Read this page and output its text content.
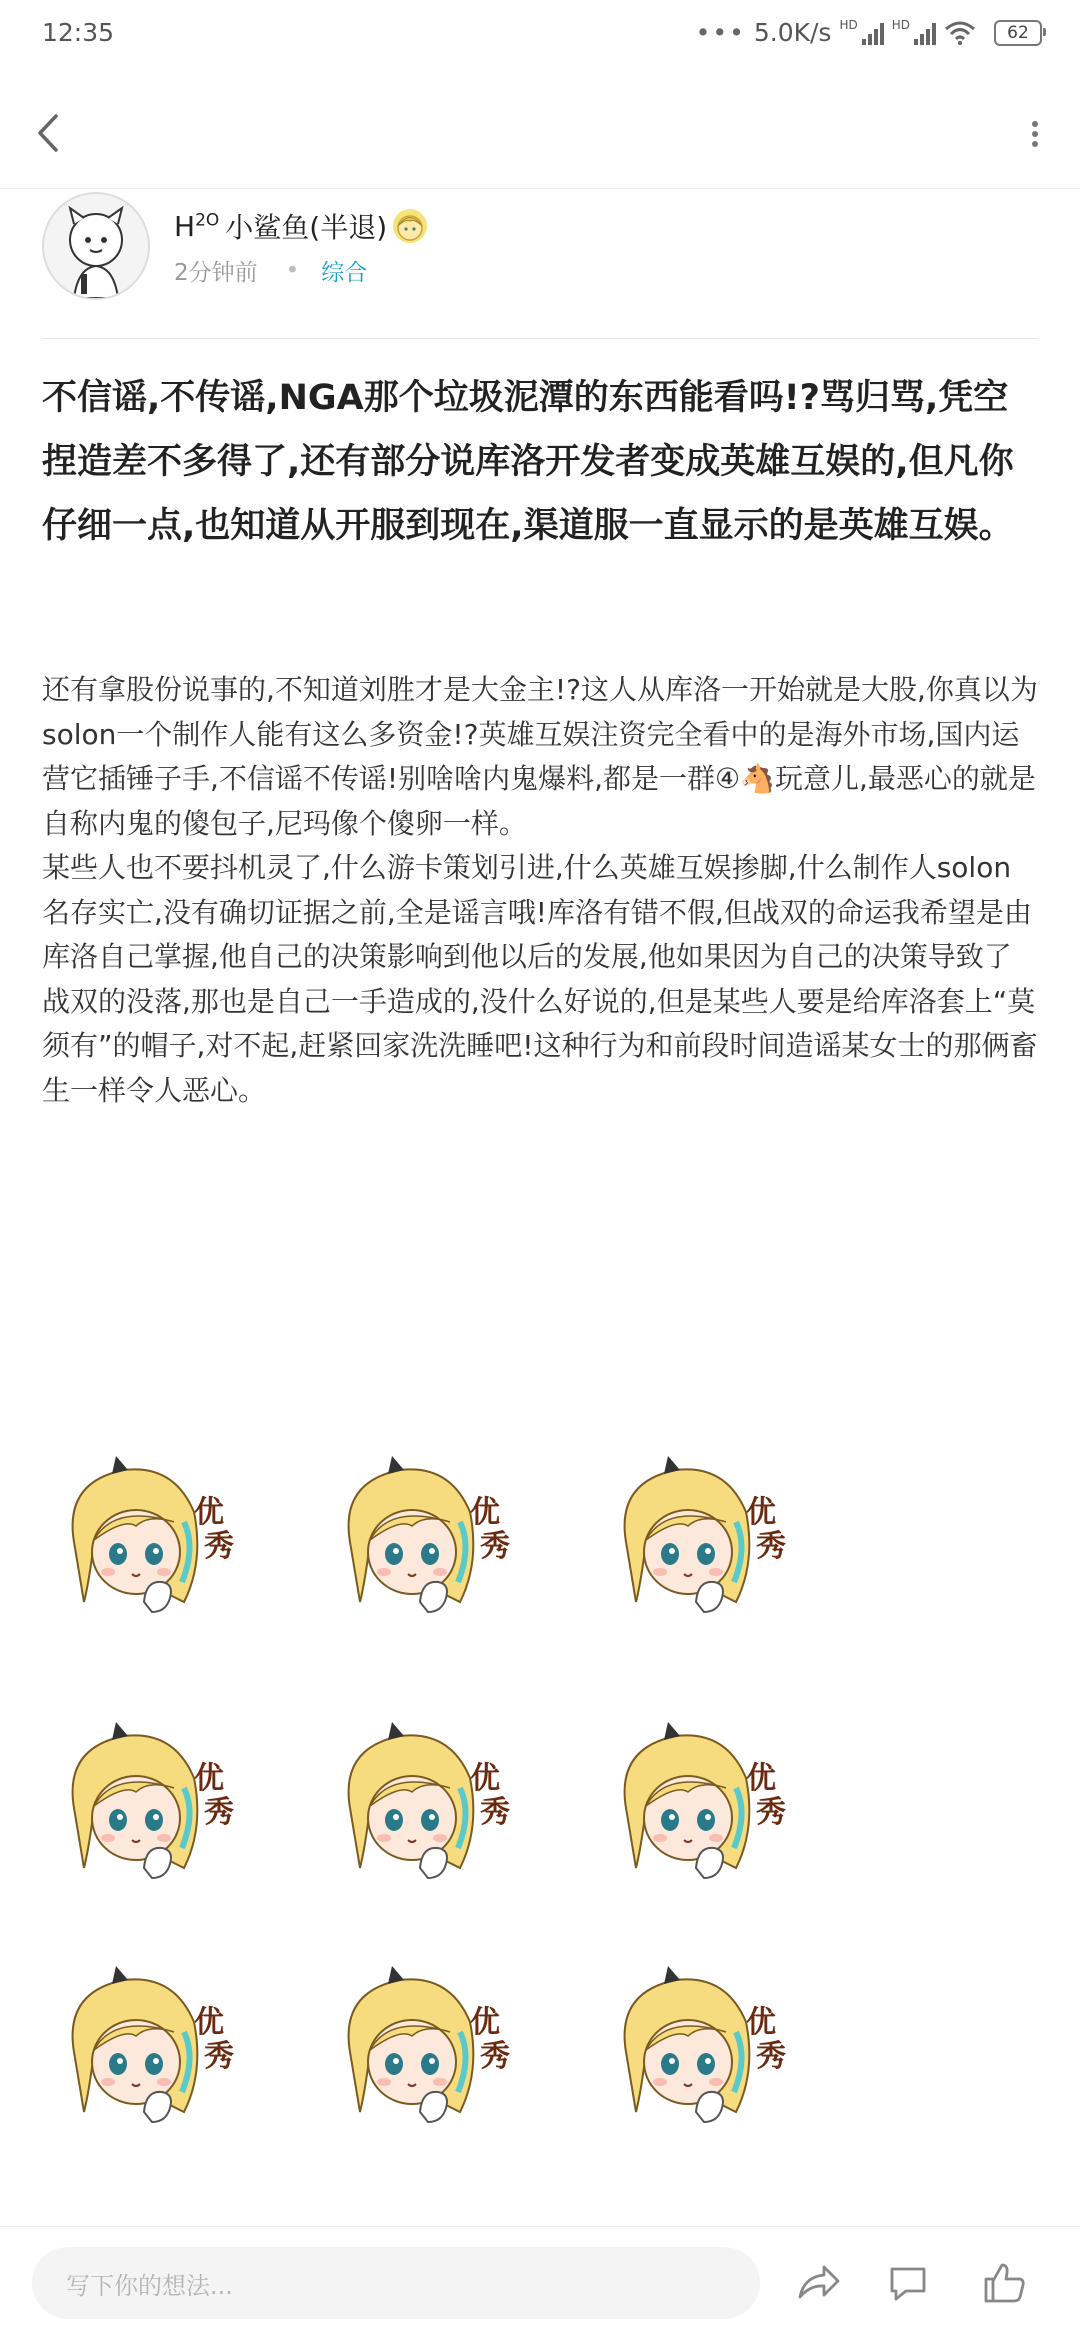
12:35	••• 5.0K/s HD	HD	62
$H^{2O}$ 小鲨鱼(半退)
2分钟前 • 综合
不信谣,不传谣,NGA那个垃圾泥潭的东西能看吗!?骂归骂,凭空捏造差不多得了,还有部分说库洛开发者变成英雄互娱的,但凡你仔细一点,也知道从开服到现在,渠道服一直显示的是英雄互娱。

还有拿股份说事的,不知道刘胜才是大金主!?这人从库洛一开始就是大股,你真以为solon一个制作人能有这么多资金!?英雄互娱注资完全看中的是海外市场,国内运营它插锤子手,不信谣不传谣!别啥啥内鬼爆料,都是一群④🐴玩意儿,最恶心的就是自称内鬼的傻包子,尼玛像个傻卵一样。

某些人也不要抖机灵了,什么游卡策划引进,什么英雄互娱掺脚,什么制作人solon名存实亡,没有确切证据之前,全是谣言哦!库洛有错不假,但战双的命运我希望是由库洛自己掌握,他自己的决策影响到他以后的发展,他如果因为自己的决策导致了战双的没落,那也是自己一手造成的,没什么好说的,但是某些人要是给库洛套上“莫须有”的帽子,对不起,赶紧回家洗洗睡吧!这种行为和前段时间造谣某女士的那俩畜生一样令人恶心。

优
秀
优
秀
优
秀
优
秀
优
秀
优
秀
优
秀
优
秀
优
秀
写下你的想法...
